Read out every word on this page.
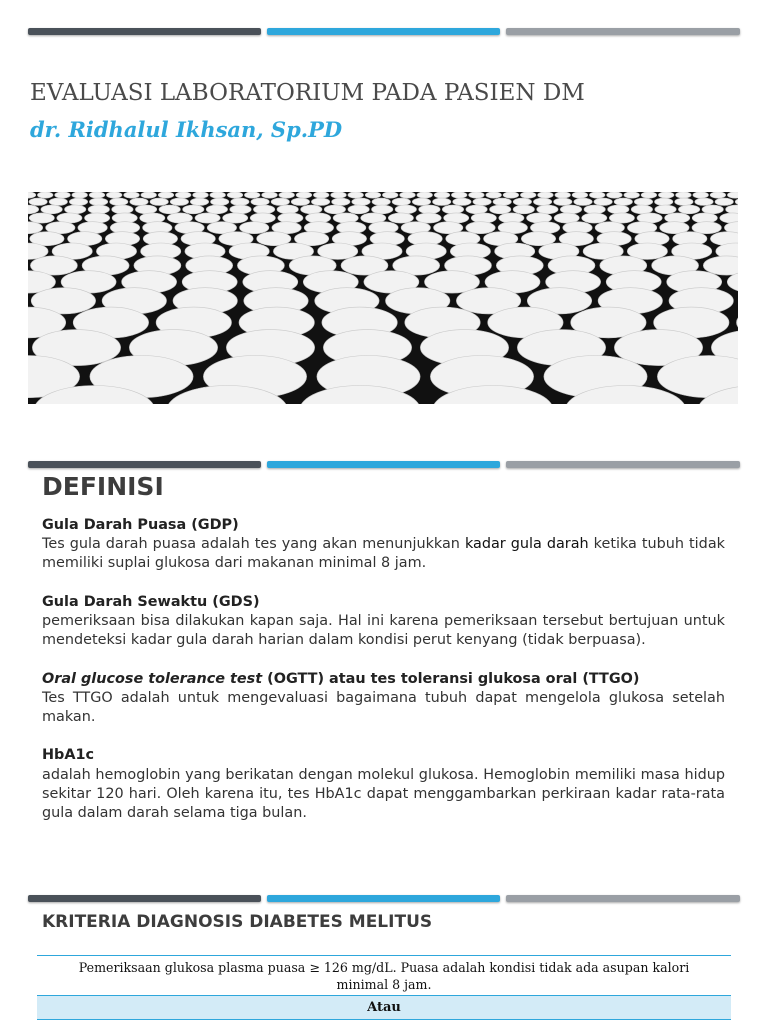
EVALUASI LABORATORIUM PADA PASIEN DM
dr. Ridhalul Ikhsan, Sp.PD
DEFINISI
Gula Darah Puasa (GDP)
Tes gula darah puasa adalah tes yang akan menunjukkan kadar gula darah ketika tubuh tidak memiliki suplai glukosa dari makanan minimal 8 jam.
Gula Darah Sewaktu (GDS)
pemeriksaan bisa dilakukan kapan saja. Hal ini karena pemeriksaan tersebut bertujuan untuk mendeteksi kadar gula darah harian dalam kondisi perut kenyang (tidak berpuasa).
Oral glucose tolerance test (OGTT) atau tes toleransi glukosa oral (TTGO)
Tes TTGO adalah untuk mengevaluasi bagaimana tubuh dapat mengelola glukosa setelah makan.
HbA1c
adalah hemoglobin yang berikatan dengan molekul glukosa. Hemoglobin memiliki masa hidup sekitar 120 hari. Oleh karena itu, tes HbA1c dapat menggambarkan perkiraan kadar rata-rata gula dalam darah selama tiga bulan.
KRITERIA DIAGNOSIS DIABETES MELITUS
Pemeriksaan glukosa plasma puasa ≥ 126 mg/dL. Puasa adalah kondisi tidak ada asupan kalori minimal 8 jam.
Atau
